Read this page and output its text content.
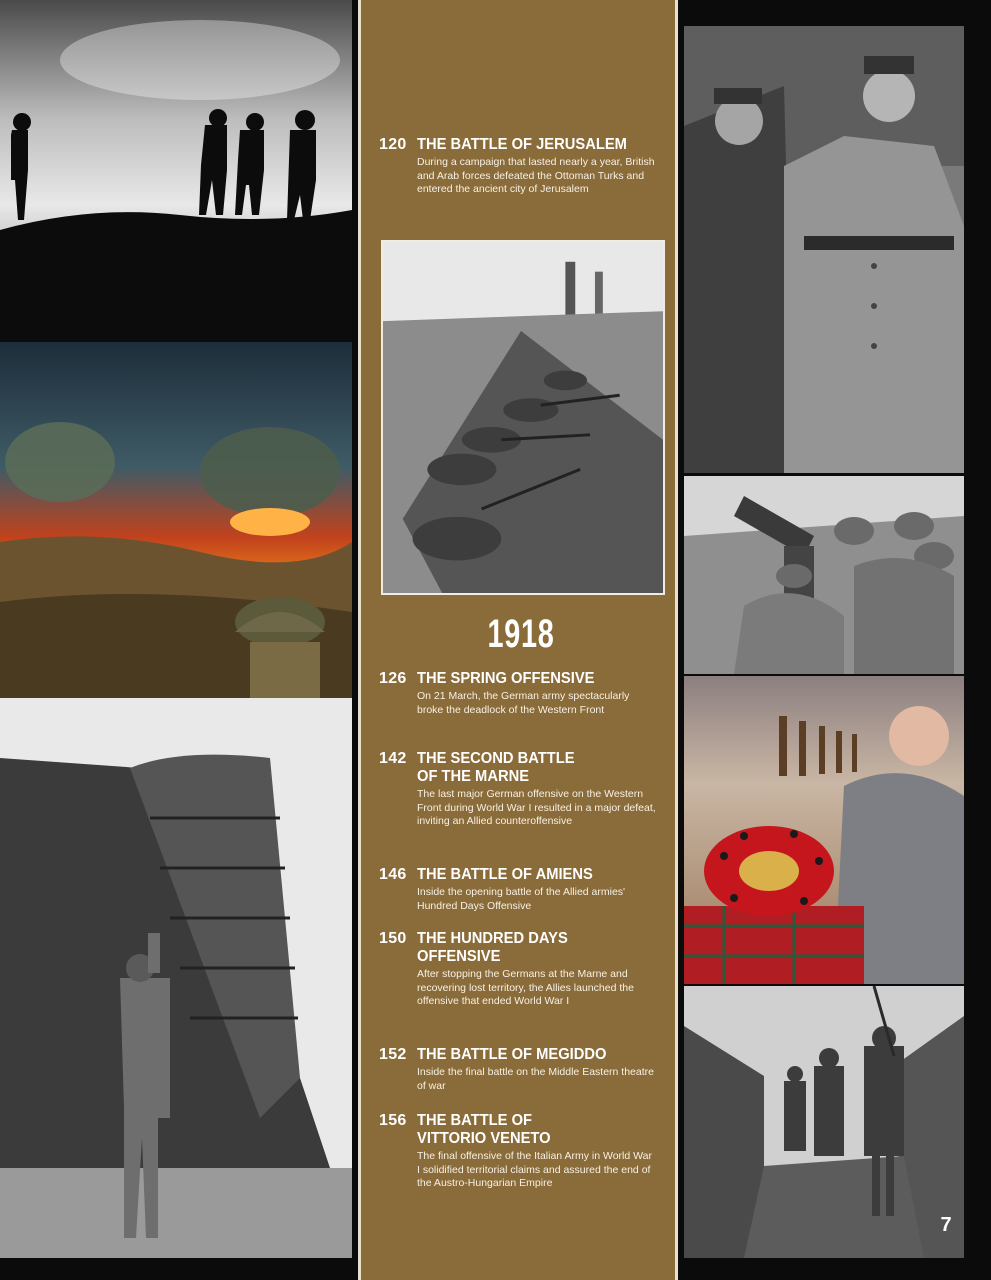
120 THE BATTLE OF JERUSALEM
During a campaign that lasted nearly a year, British and Arab forces defeated the Ottoman Turks and entered the ancient city of Jerusalem
1918
126 THE SPRING OFFENSIVE
On 21 March, the German army spectacularly broke the deadlock of the Western Front
142 THE SECOND BATTLE
OF THE MARNE
The last major German offensive on the Western Front during World War I resulted in a major defeat, inviting an Allied counteroffensive
146 THE BATTLE OF AMIENS
Inside the opening battle of the Allied armies' Hundred Days Offensive
150 THE HUNDRED DAYS
OFFENSIVE
After stopping the Germans at the Marne and recovering lost territory, the Allies launched the offensive that ended World War I
152 THE BATTLE OF MEGIDDO
Inside the final battle on the Middle Eastern theatre of war
156 THE BATTLE OF
VITTORIO VENETO
The final offensive of the Italian Army in World War I solidified territorial claims and assured the end of the Austro-Hungarian Empire
7
